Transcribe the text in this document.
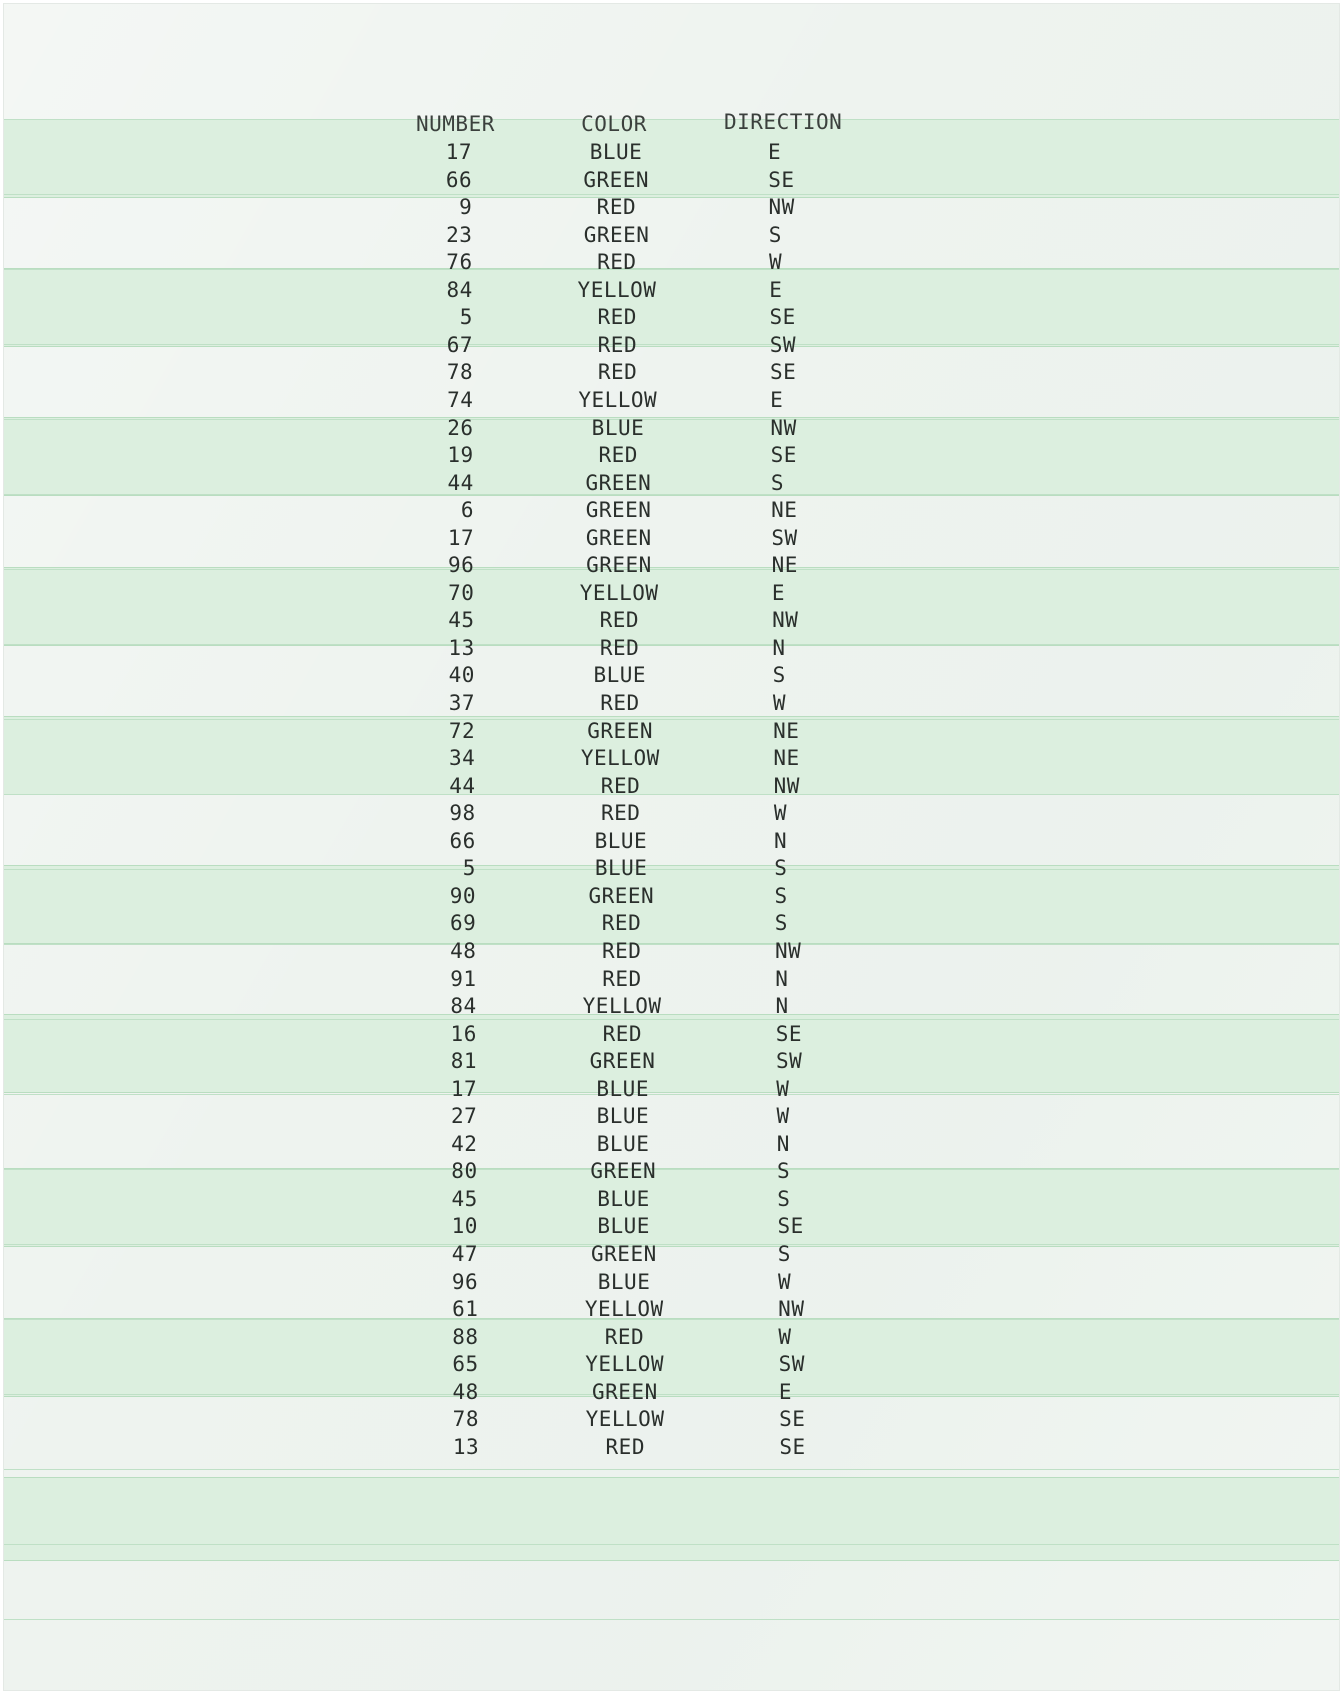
NUMBER	COLOR	DIRECTION
17	BLUE	E
66	GREEN	SE
9	RED	NW
23	GREEN	S
76	RED	W
84	YELLOW	E
5	RED	SE
67	RED	SW
78	RED	SE
74	YELLOW	E
26	BLUE	NW
19	RED	SE
44	GREEN	S
6	GREEN	NE
17	GREEN	SW
96	GREEN	NE
70	YELLOW	E
45	RED	NW
13	RED	N
40	BLUE	S
37	RED	W
72	GREEN	NE
34	YELLOW	NE
44	RED	NW
98	RED	W
66	BLUE	N
5	BLUE	S
90	GREEN	S
69	RED	S
48	RED	NW
91	RED	N
84	YELLOW	N
16	RED	SE
81	GREEN	SW
17	BLUE	W
27	BLUE	W
42	BLUE	N
80	GREEN	S
45	BLUE	S
10	BLUE	SE
47	GREEN	S
96	BLUE	W
61	YELLOW	NW
88	RED	W
65	YELLOW	SW
48	GREEN	E
78	YELLOW	SE
13	RED	SE
